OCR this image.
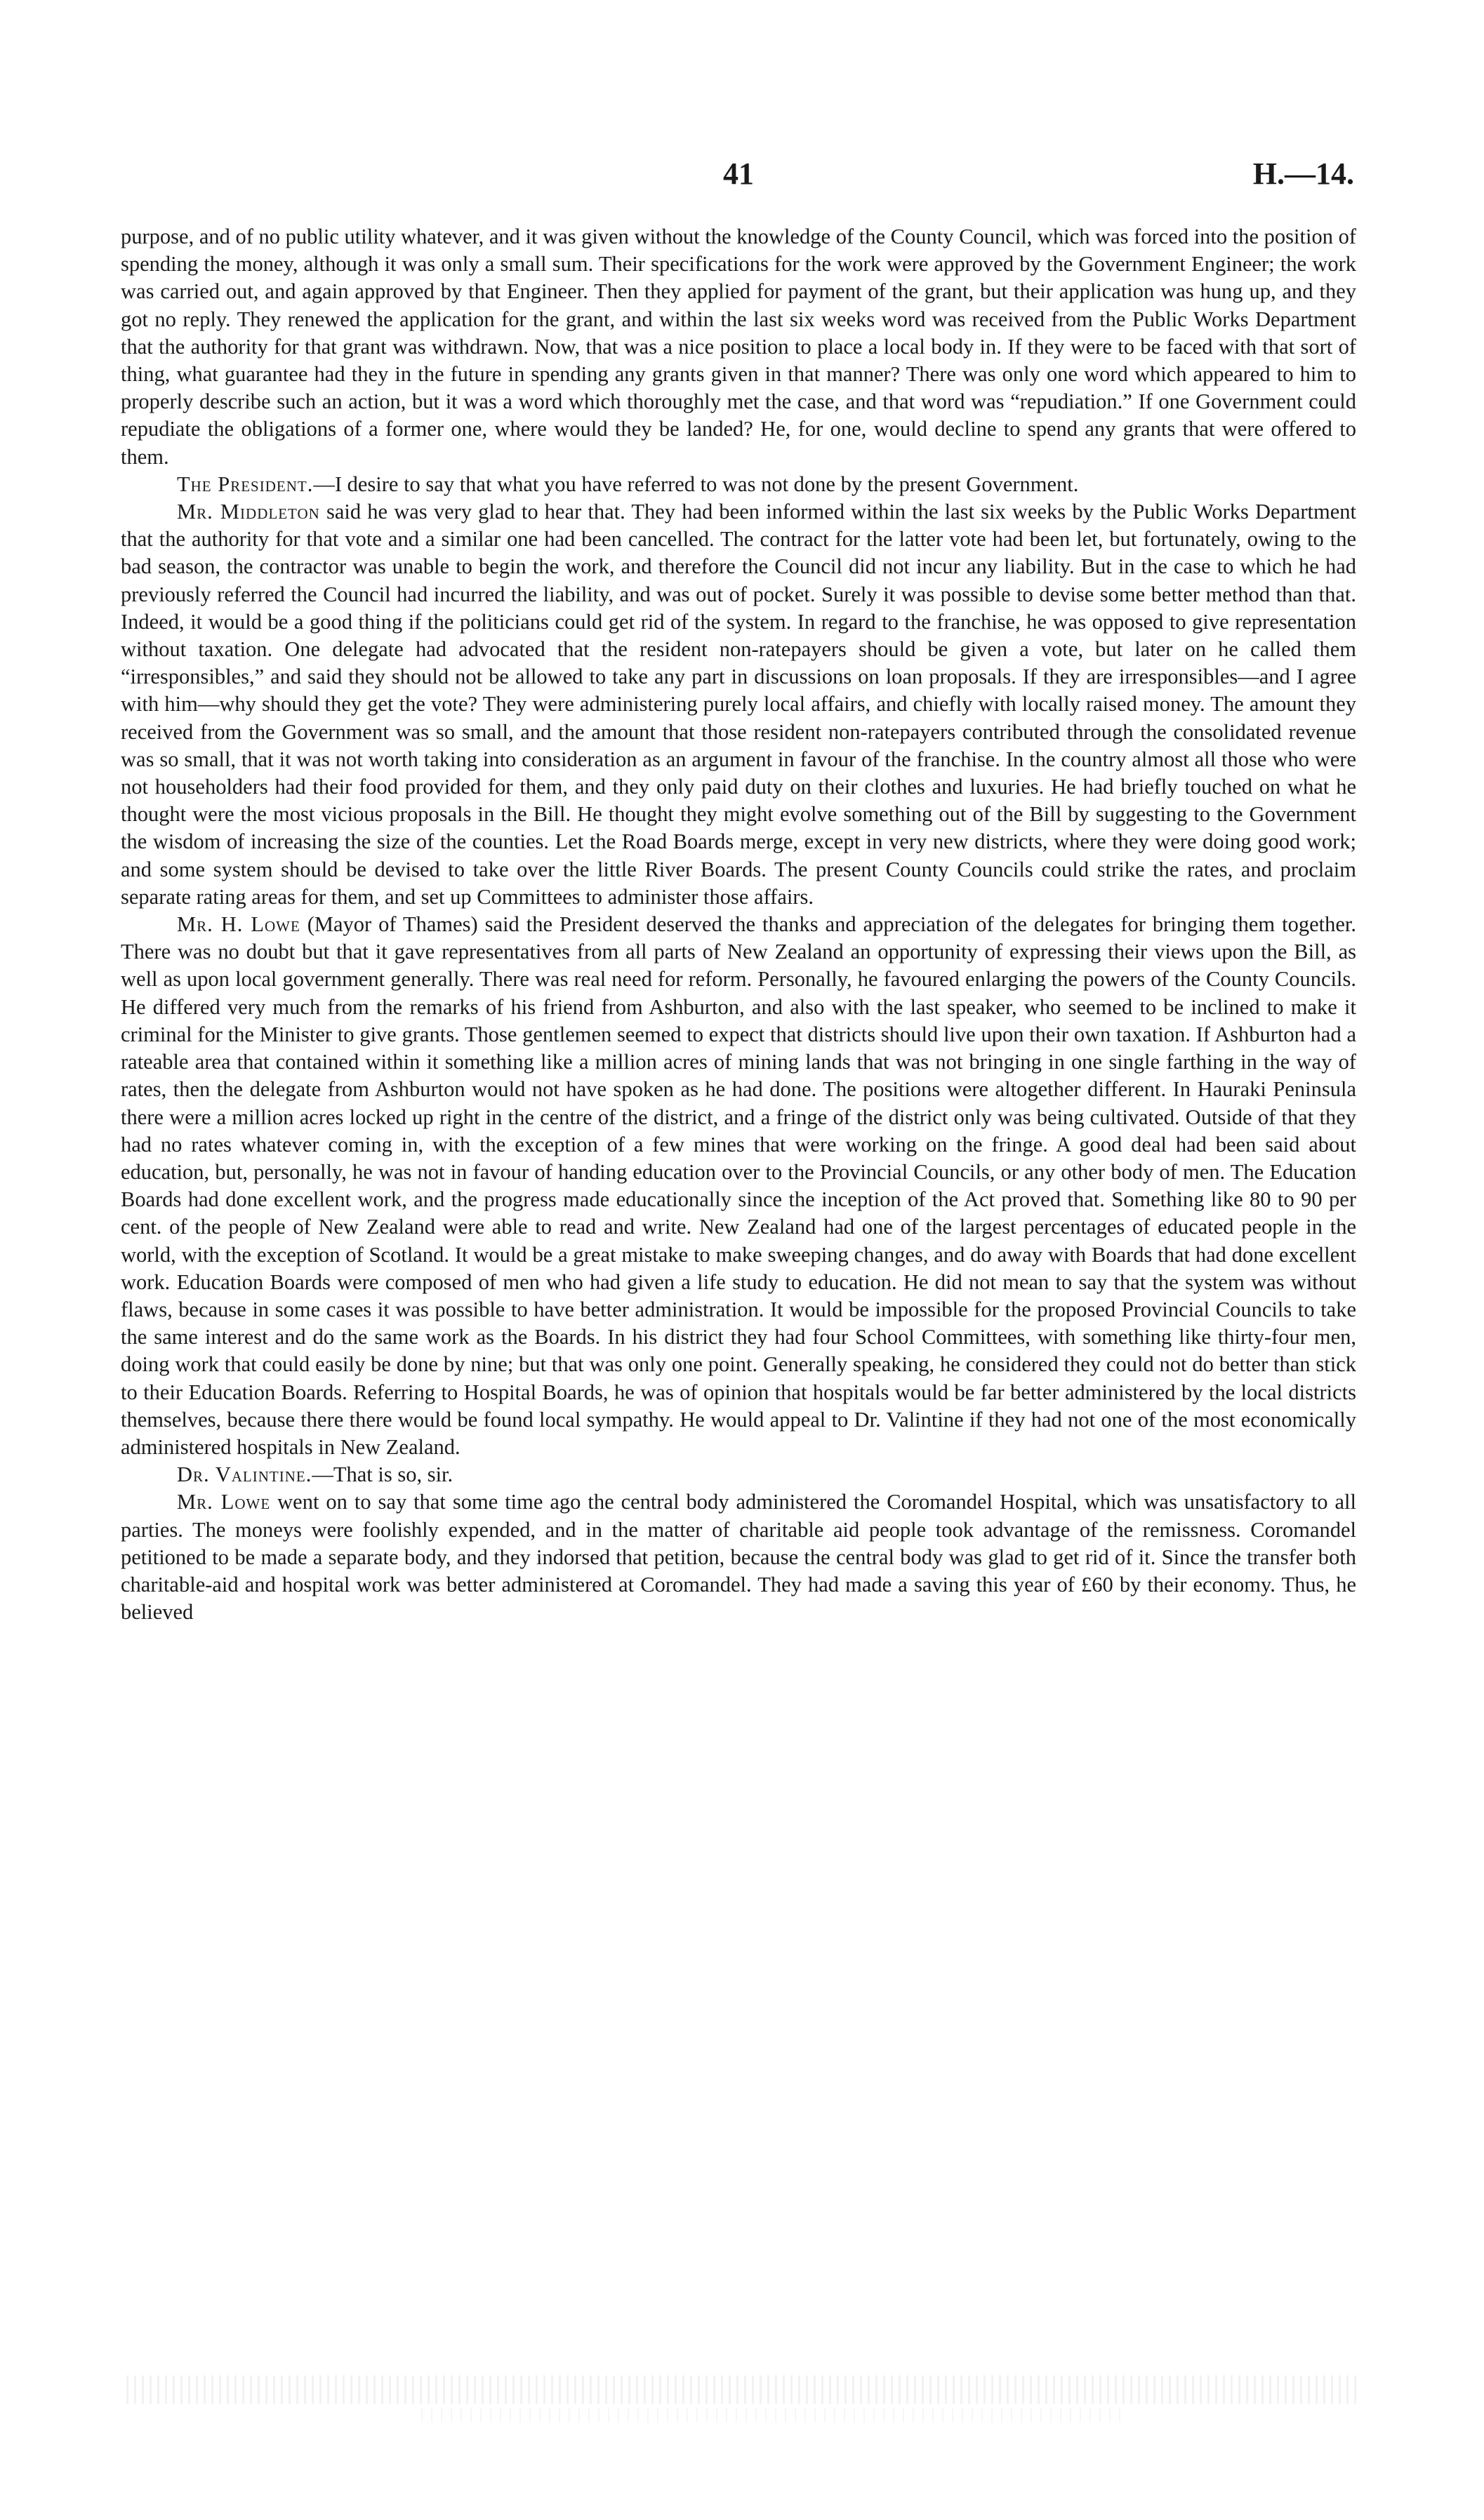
41	H.—14.

purpose, and of no public utility whatever, and it was given without the knowledge of the County Council, which was forced into the position of spending the money, although it was only a small sum. Their specifications for the work were approved by the Government Engineer; the work was carried out, and again approved by that Engineer. Then they applied for payment of the grant, but their application was hung up, and they got no reply. They renewed the application for the grant, and within the last six weeks word was received from the Public Works Department that the authority for that grant was withdrawn. Now, that was a nice position to place a local body in. If they were to be faced with that sort of thing, what guarantee had they in the future in spending any grants given in that manner? There was only one word which appeared to him to properly describe such an action, but it was a word which thoroughly met the case, and that word was “repudiation.” If one Government could repudiate the obligations of a former one, where would they be landed? He, for one, would decline to spend any grants that were offered to them.

The President.—I desire to say that what you have referred to was not done by the present Government.

Mr. Middleton said he was very glad to hear that. They had been informed within the last six weeks by the Public Works Department that the authority for that vote and a similar one had been cancelled. The contract for the latter vote had been let, but fortunately, owing to the bad season, the contractor was unable to begin the work, and therefore the Council did not incur any liability. But in the case to which he had previously referred the Council had incurred the liability, and was out of pocket. Surely it was possible to devise some better method than that. Indeed, it would be a good thing if the politicians could get rid of the system. In regard to the franchise, he was opposed to give representation without taxation. One delegate had advocated that the resident non-ratepayers should be given a vote, but later on he called them “irresponsibles,” and said they should not be allowed to take any part in discussions on loan proposals. If they are irresponsibles—and I agree with him—why should they get the vote? They were administering purely local affairs, and chiefly with locally raised money. The amount they received from the Government was so small, and the amount that those resident non-ratepayers contributed through the consolidated revenue was so small, that it was not worth taking into consideration as an argument in favour of the franchise. In the country almost all those who were not householders had their food provided for them, and they only paid duty on their clothes and luxuries. He had briefly touched on what he thought were the most vicious proposals in the Bill. He thought they might evolve something out of the Bill by suggesting to the Government the wisdom of increasing the size of the counties. Let the Road Boards merge, except in very new districts, where they were doing good work; and some system should be devised to take over the little River Boards. The present County Councils could strike the rates, and proclaim separate rating areas for them, and set up Committees to administer those affairs.

Mr. H. Lowe (Mayor of Thames) said the President deserved the thanks and appreciation of the delegates for bringing them together. There was no doubt but that it gave representatives from all parts of New Zealand an opportunity of expressing their views upon the Bill, as well as upon local government generally. There was real need for reform. Personally, he favoured enlarging the powers of the County Councils. He differed very much from the remarks of his friend from Ashburton, and also with the last speaker, who seemed to be inclined to make it criminal for the Minister to give grants. Those gentlemen seemed to expect that districts should live upon their own taxation. If Ashburton had a rateable area that contained within it something like a million acres of mining lands that was not bringing in one single farthing in the way of rates, then the delegate from Ashburton would not have spoken as he had done. The positions were altogether different. In Hauraki Peninsula there were a million acres locked up right in the centre of the district, and a fringe of the district only was being cultivated. Outside of that they had no rates whatever coming in, with the exception of a few mines that were working on the fringe. A good deal had been said about education, but, personally, he was not in favour of handing education over to the Provincial Councils, or any other body of men. The Education Boards had done excellent work, and the progress made educationally since the inception of the Act proved that. Something like 80 to 90 per cent. of the people of New Zealand were able to read and write. New Zealand had one of the largest percentages of educated people in the world, with the exception of Scotland. It would be a great mistake to make sweeping changes, and do away with Boards that had done excellent work. Education Boards were composed of men who had given a life study to education. He did not mean to say that the system was without flaws, because in some cases it was possible to have better administration. It would be impossible for the proposed Provincial Councils to take the same interest and do the same work as the Boards. In his district they had four School Committees, with something like thirty-four men, doing work that could easily be done by nine; but that was only one point. Generally speaking, he considered they could not do better than stick to their Education Boards. Referring to Hospital Boards, he was of opinion that hospitals would be far better administered by the local districts themselves, because there there would be found local sympathy. He would appeal to Dr. Valintine if they had not one of the most economically administered hospitals in New Zealand.

Dr. Valintine.—That is so, sir.

Mr. Lowe went on to say that some time ago the central body administered the Coromandel Hospital, which was unsatisfactory to all parties. The moneys were foolishly expended, and in the matter of charitable aid people took advantage of the remissness. Coromandel petitioned to be made a separate body, and they indorsed that petition, because the central body was glad to get rid of it. Since the transfer both charitable-aid and hospital work was better administered at Coromandel. They had made a saving this year of £60 by their economy. Thus, he believed
